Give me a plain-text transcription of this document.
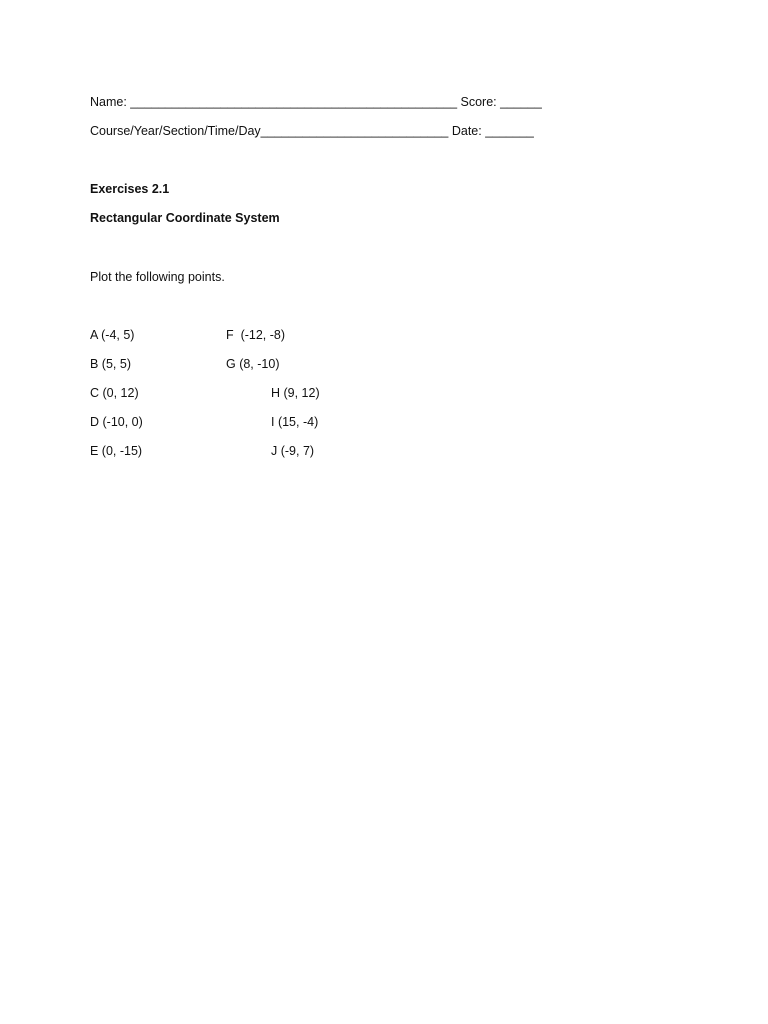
Name: _______________________________________________ Score: ______
Course/Year/Section/Time/Day___________________________ Date: _______
Exercises 2.1
Rectangular Coordinate System
Plot the following points.
A (-4, 5)	F  (-12, -8)
B (5, 5)	G (8, -10)
C (0, 12)	H (9, 12)
D (-10, 0)	I (15, -4)
E (0, -15)	J (-9, 7)
